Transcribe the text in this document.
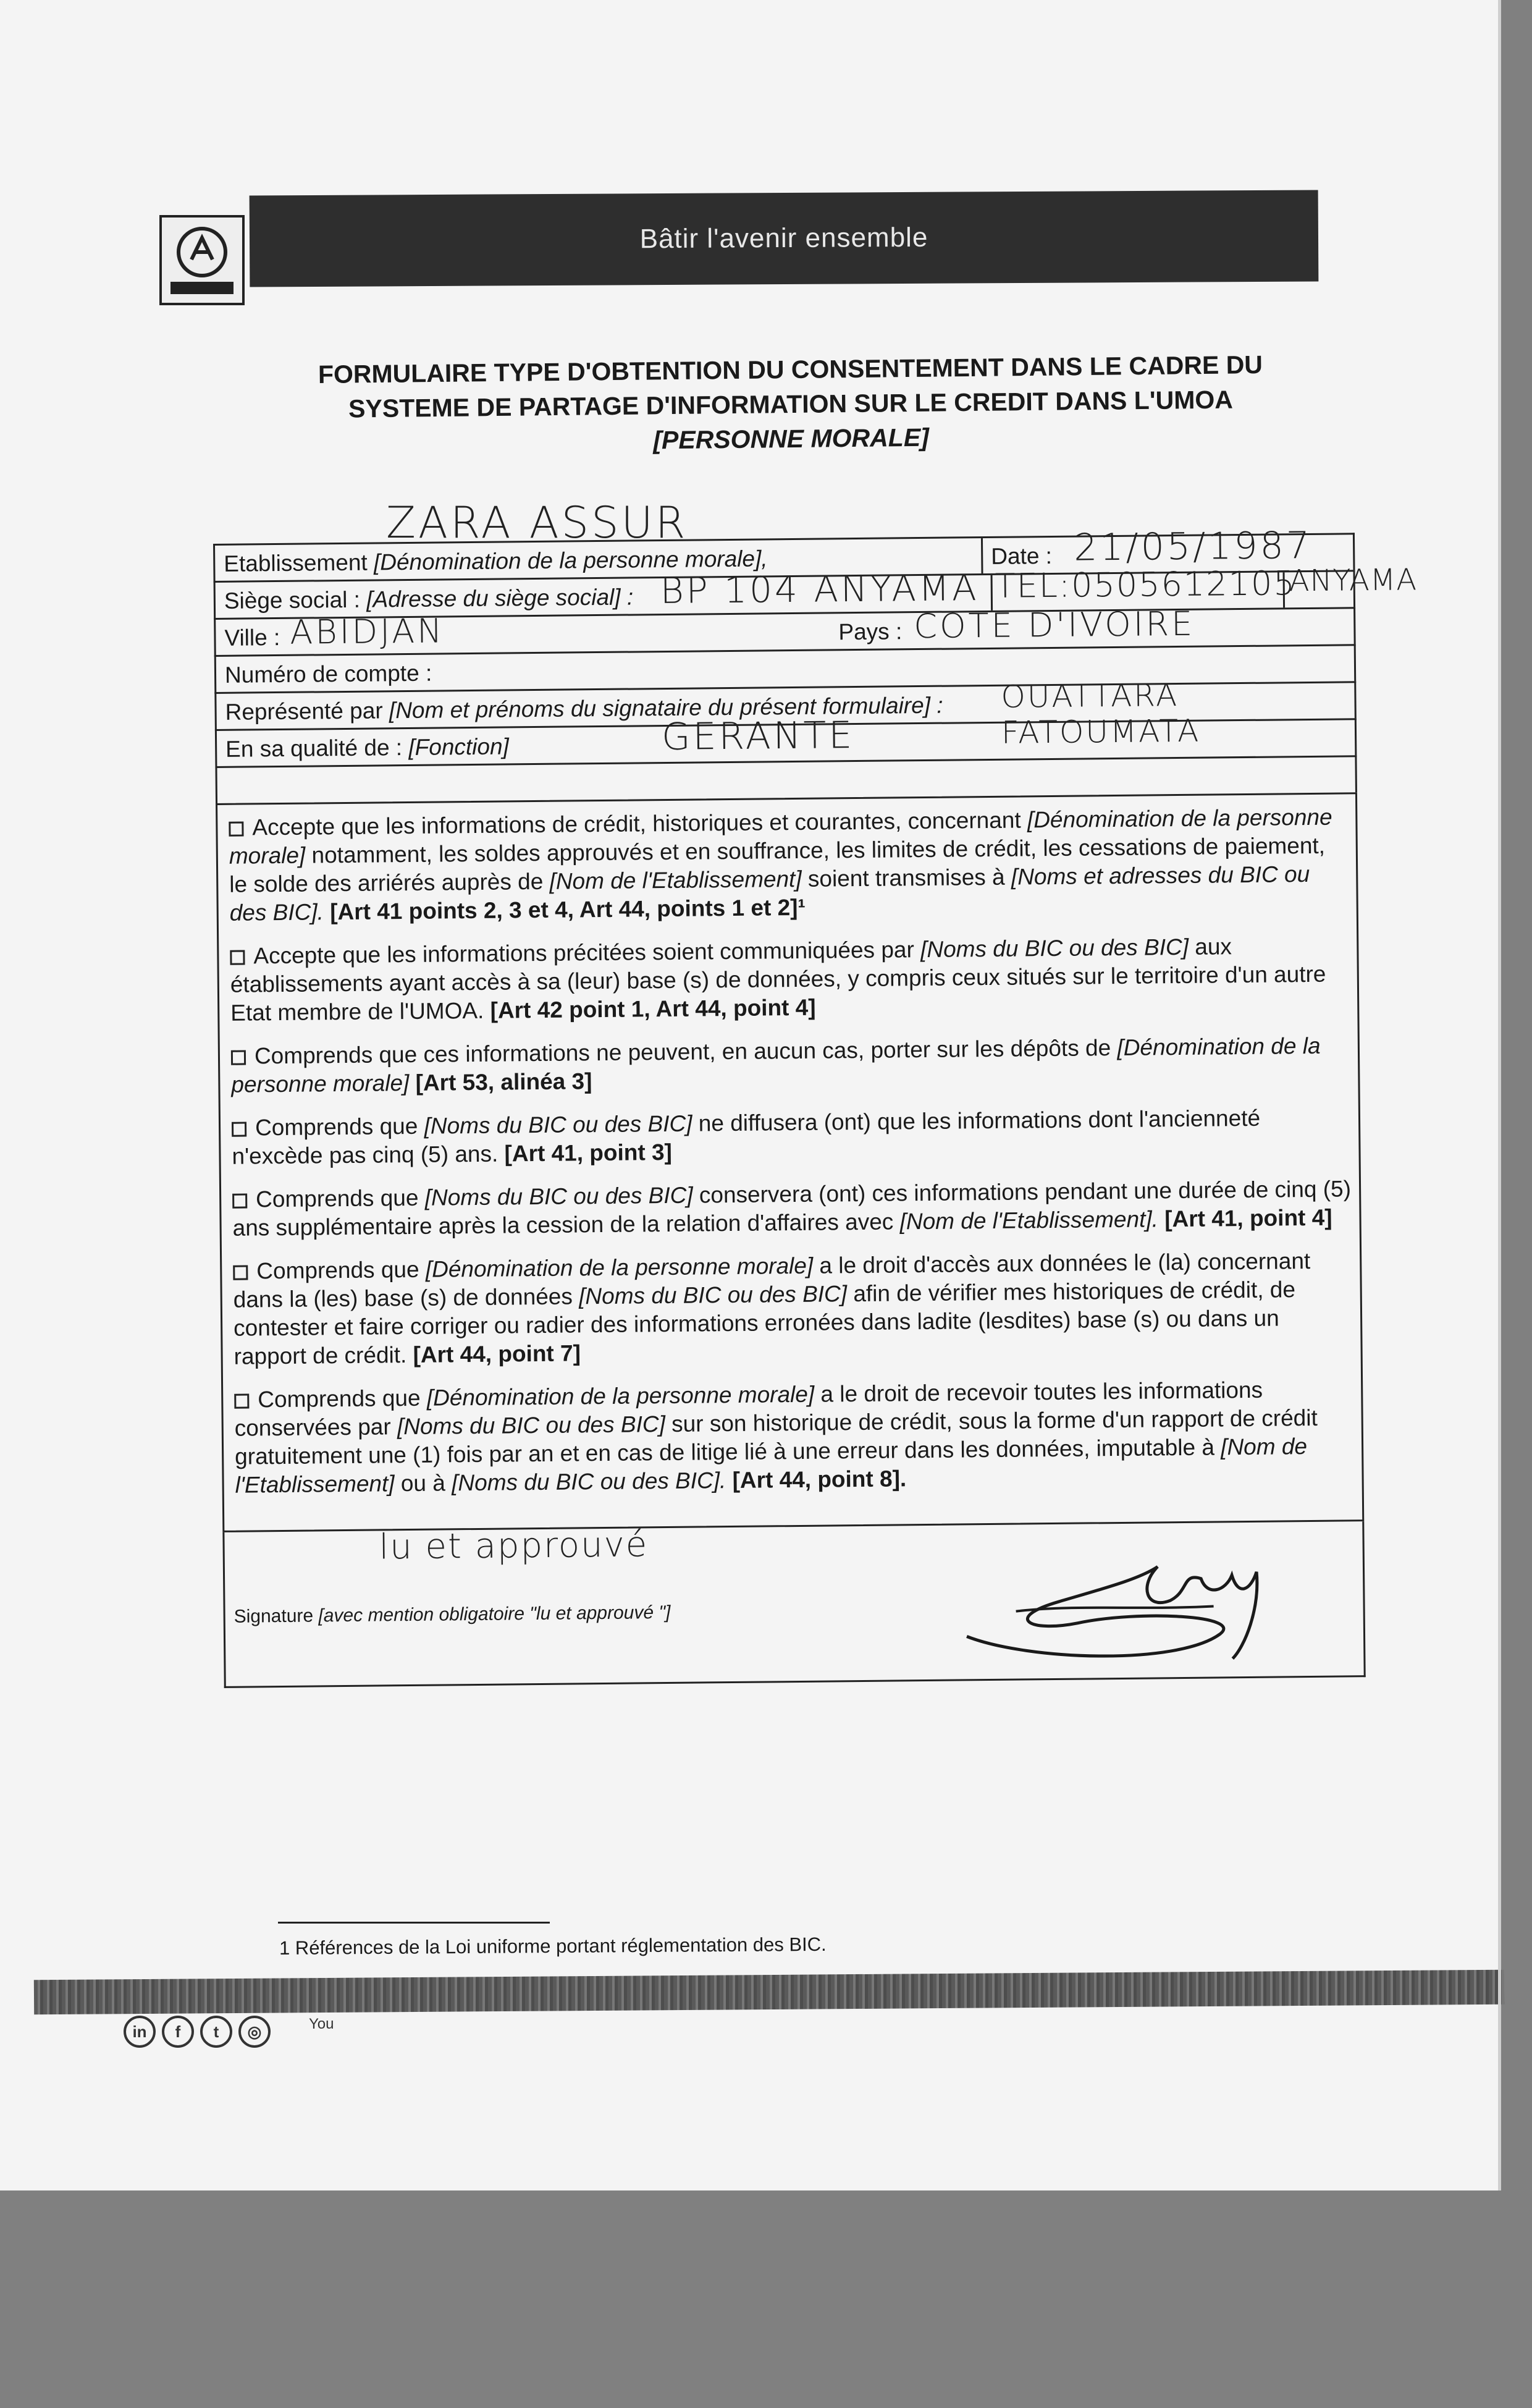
Bâtir l'avenir ensemble
FORMULAIRE TYPE D'OBTENTION DU CONSENTEMENT DANS LE CADRE DU
SYSTEME DE PARTAGE D'INFORMATION SUR LE CREDIT DANS L'UMOA
[PERSONNE MORALE]
ZARA ASSUR
Etablissement [Dénomination de la personne morale],	Date : 21/05/1987
Siège social : [Adresse du siège social] : BP 104 ANYAMA TEL:0505612105
ANYAMA
Ville : ABIDJAN	Pays : COTE D'IVOIRE
Numéro de compte :
Représenté par [Nom et prénoms du signataire du présent formulaire] : OUATTARA FATOUMATA
En sa qualité de : [Fonction]	GERANTE
Accepte que les informations de crédit, historiques et courantes, concernant [Dénomination de la personne morale] notamment, les soldes approuvés et en souffrance, les limites de crédit, les cessations de paiement, le solde des arriérés auprès de [Nom de l'Etablissement] soient transmises à [Noms et adresses du BIC ou des BIC]. [Art 41 points 2, 3 et 4, Art 44, points 1 et 2]¹
Accepte que les informations précitées soient communiquées par [Noms du BIC ou des BIC] aux établissements ayant accès à sa (leur) base (s) de données, y compris ceux situés sur le territoire d'un autre Etat membre de l'UMOA. [Art 42 point 1, Art 44, point 4]
Comprends que ces informations ne peuvent, en aucun cas, porter sur les dépôts de [Dénomination de la personne morale] [Art 53, alinéa 3]
Comprends que [Noms du BIC ou des BIC] ne diffusera (ont) que les informations dont l'ancienneté n'excède pas cinq (5) ans. [Art 41, point 3]
Comprends que [Noms du BIC ou des BIC] conservera (ont) ces informations pendant une durée de cinq (5) ans supplémentaire après la cession de la relation d'affaires avec [Nom de l'Etablissement]. [Art 41, point 4]
Comprends que [Dénomination de la personne morale] a le droit d'accès aux données le (la) concernant dans la (les) base (s) de données [Noms du BIC ou des BIC] afin de vérifier mes historiques de crédit, de contester et faire corriger ou radier des informations erronées dans ladite (lesdites) base (s) ou dans un rapport de crédit. [Art 44, point 7]
Comprends que [Dénomination de la personne morale] a le droit de recevoir toutes les informations conservées par [Noms du BIC ou des BIC] sur son historique de crédit, sous la forme d'un rapport de crédit gratuitement une (1) fois par an et en cas de litige lié à une erreur dans les données, imputable à [Nom de l'Etablissement] ou à [Noms du BIC ou des BIC]. [Art 44, point 8].
lu et approuvé
Signature [avec mention obligatoire "lu et approuvé "]
1 Références de la Loi uniforme portant réglementation des BIC.
in	f	t	◎	You
